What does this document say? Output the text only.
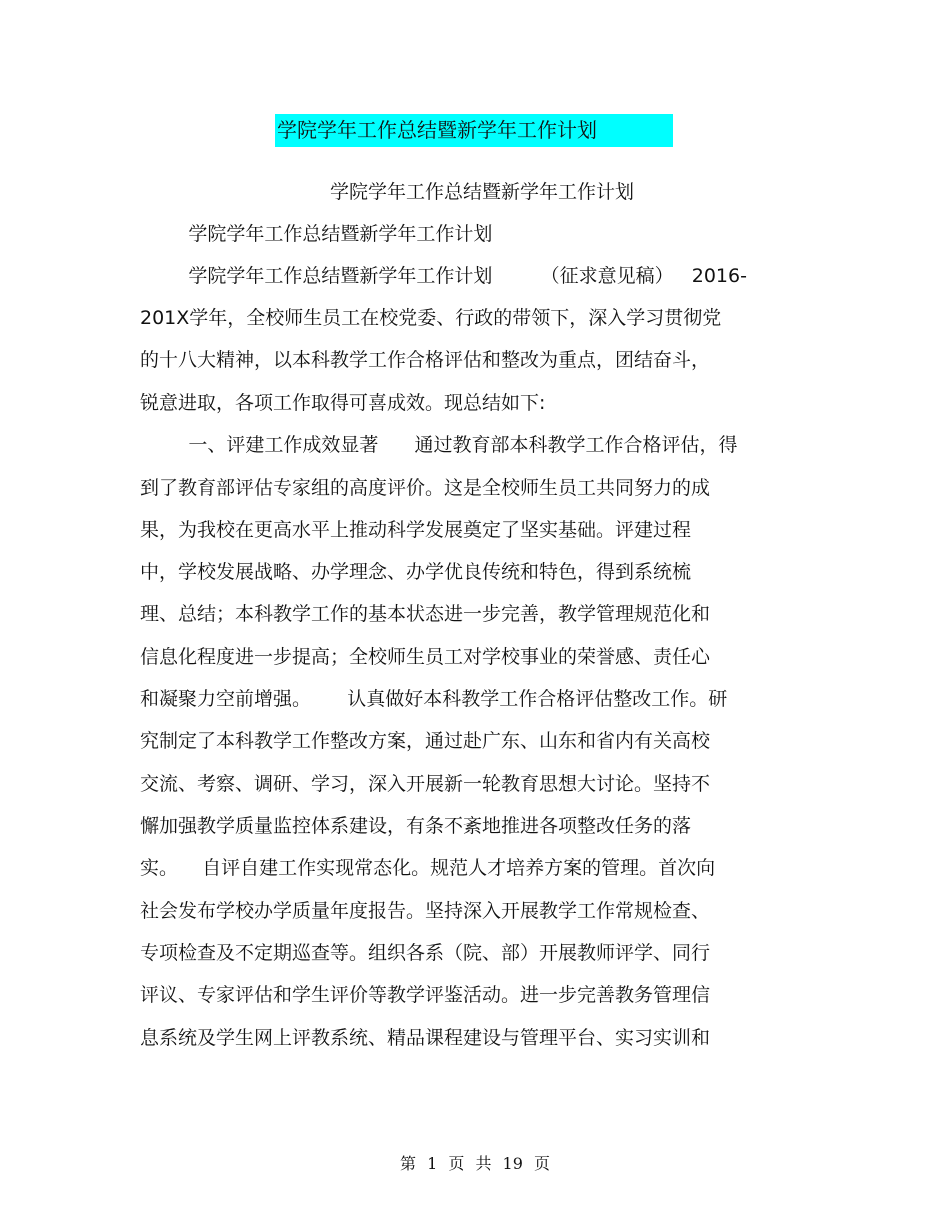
学院学年工作总结暨新学年工作计划
学院学年工作总结暨新学年工作计划
学院学年工作总结暨新学年工作计划
学院学年工作总结暨新学年工作计划        （征求意见稿）   2016-
201X学年，全校师生员工在校党委、行政的带领下，深入学习贯彻党
的十八大精神，以本科教学工作合格评估和整改为重点，团结奋斗，
锐意进取，各项工作取得可喜成效。现总结如下:
一、评建工作成效显著      通过教育部本科教学工作合格评估，得
到了教育部评估专家组的高度评价。这是全校师生员工共同努力的成
果，为我校在更高水平上推动科学发展奠定了坚实基础。评建过程
中，学校发展战略、办学理念、办学优良传统和特色，得到系统梳
理、总结；本科教学工作的基本状态进一步完善，教学管理规范化和
信息化程度进一步提高；全校师生员工对学校事业的荣誉感、责任心
和凝聚力空前增强。      认真做好本科教学工作合格评估整改工作。研
究制定了本科教学工作整改方案，通过赴广东、山东和省内有关高校
交流、考察、调研、学习，深入开展新一轮教育思想大讨论。坚持不
懈加强教学质量监控体系建设，有条不紊地推进各项整改任务的落
实。    自评自建工作实现常态化。规范人才培养方案的管理。首次向
社会发布学校办学质量年度报告。坚持深入开展教学工作常规检查、
专项检查及不定期巡查等。组织各系（院、部）开展教师评学、同行
评议、专家评估和学生评价等教学评鉴活动。进一步完善教务管理信
息系统及学生网上评教系统、精品课程建设与管理平台、实习实训和
第 1 页 共 19 页
